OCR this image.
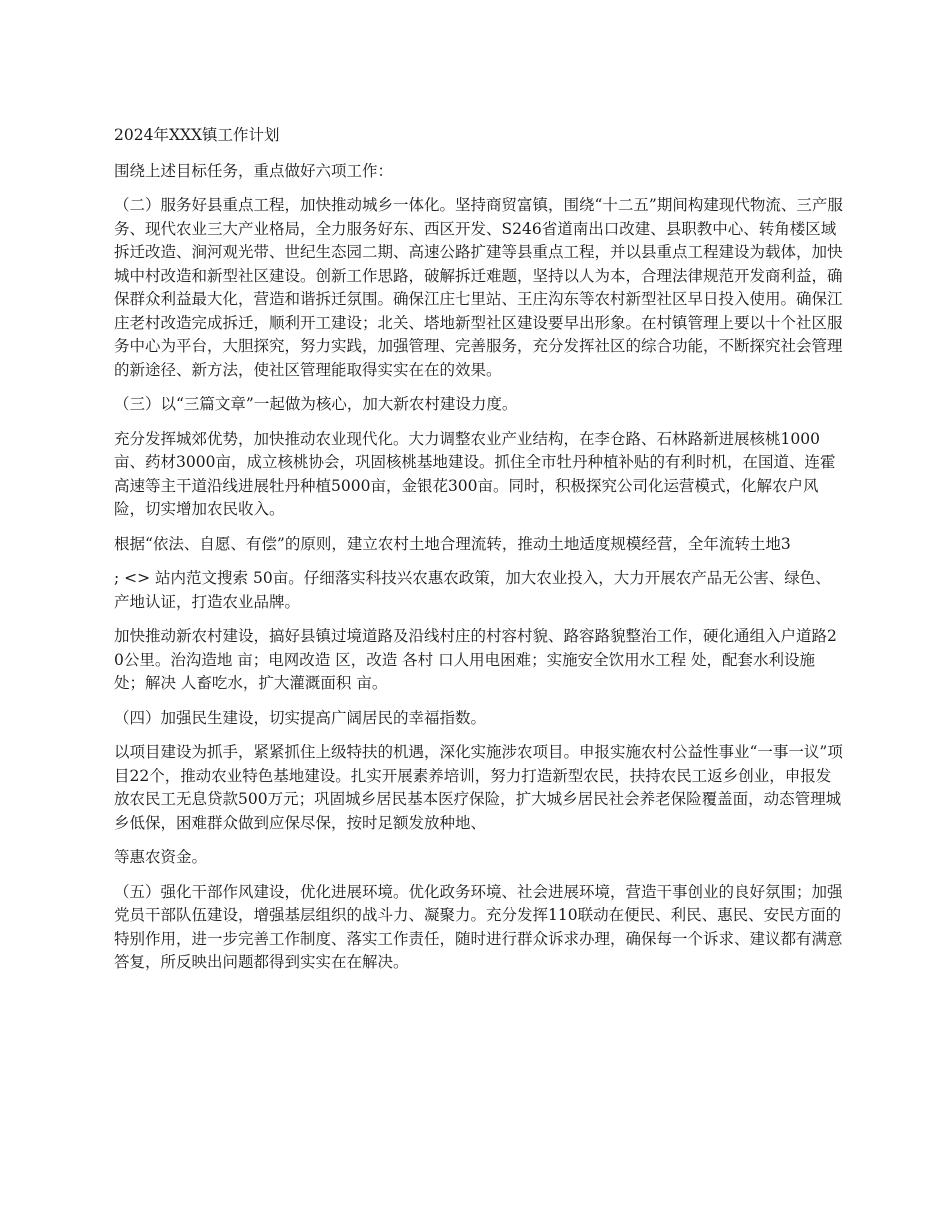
2024年XXX镇工作计划

围绕上述目标任务，重点做好六项工作：

（二）服务好县重点工程，加快推动城乡一体化。坚持商贸富镇，围绕“十二五”期间构建现代物流、三产服务、现代农业三大产业格局，全力服务好东、西区开发、S246省道南出口改建、县职教中心、转角楼区域拆迁改造、涧河观光带、世纪生态园二期、高速公路扩建等县重点工程，并以县重点工程建设为载体，加快城中村改造和新型社区建设。创新工作思路，破解拆迁难题，坚持以人为本，合理法律规范开发商利益，确保群众利益最大化，营造和谐拆迁氛围。确保江庄七里站、王庄沟东等农村新型社区早日投入使用。确保江庄老村改造完成拆迁，顺利开工建设；北关、塔地新型社区建设要早出形象。在村镇管理上要以十个社区服务中心为平台，大胆探究，努力实践，加强管理、完善服务，充分发挥社区的综合功能，不断探究社会管理的新途径、新方法，使社区管理能取得实实在在的效果。

（三）以“三篇文章”一起做为核心，加大新农村建设力度。

充分发挥城郊优势，加快推动农业现代化。大力调整农业产业结构，在李仓路、石林路新进展核桃1000亩、药材3000亩，成立核桃协会，巩固核桃基地建设。抓住全市牡丹种植补贴的有利时机，在国道、连霍高速等主干道沿线进展牡丹种植5000亩，金银花300亩。同时，积极探究公司化运营模式，化解农户风险，切实增加农民收入。

根据“依法、自愿、有偿”的原则，建立农村土地合理流转，推动土地适度规模经营，全年流转土地3

; <> 站内范文搜索 50亩。仔细落实科技兴农惠农政策，加大农业投入，大力开展农产品无公害、绿色、产地认证，打造农业品牌。

加快推动新农村建设，搞好县镇过境道路及沿线村庄的村容村貌、路容路貌整治工作，硬化通组入户道路20公里。治沟造地 亩；电网改造 区，改造 各村 口人用电困难；实施安全饮用水工程 处，配套水利设施 处；解决 人畜吃水，扩大灌溉面积 亩。

（四）加强民生建设，切实提高广阔居民的幸福指数。

以项目建设为抓手，紧紧抓住上级特扶的机遇，深化实施涉农项目。申报实施农村公益性事业“一事一议”项目22个，推动农业特色基地建设。扎实开展素养培训，努力打造新型农民，扶持农民工返乡创业，申报发放农民工无息贷款500万元；巩固城乡居民基本医疗保险，扩大城乡居民社会养老保险覆盖面，动态管理城乡低保，困难群众做到应保尽保，按时足额发放种地、

等惠农资金。

（五）强化干部作风建设，优化进展环境。优化政务环境、社会进展环境，营造干事创业的良好氛围；加强党员干部队伍建设，增强基层组织的战斗力、凝聚力。充分发挥110联动在便民、利民、惠民、安民方面的特别作用，进一步完善工作制度、落实工作责任，随时进行群众诉求办理，确保每一个诉求、建议都有满意答复，所反映出问题都得到实实在在解决。
